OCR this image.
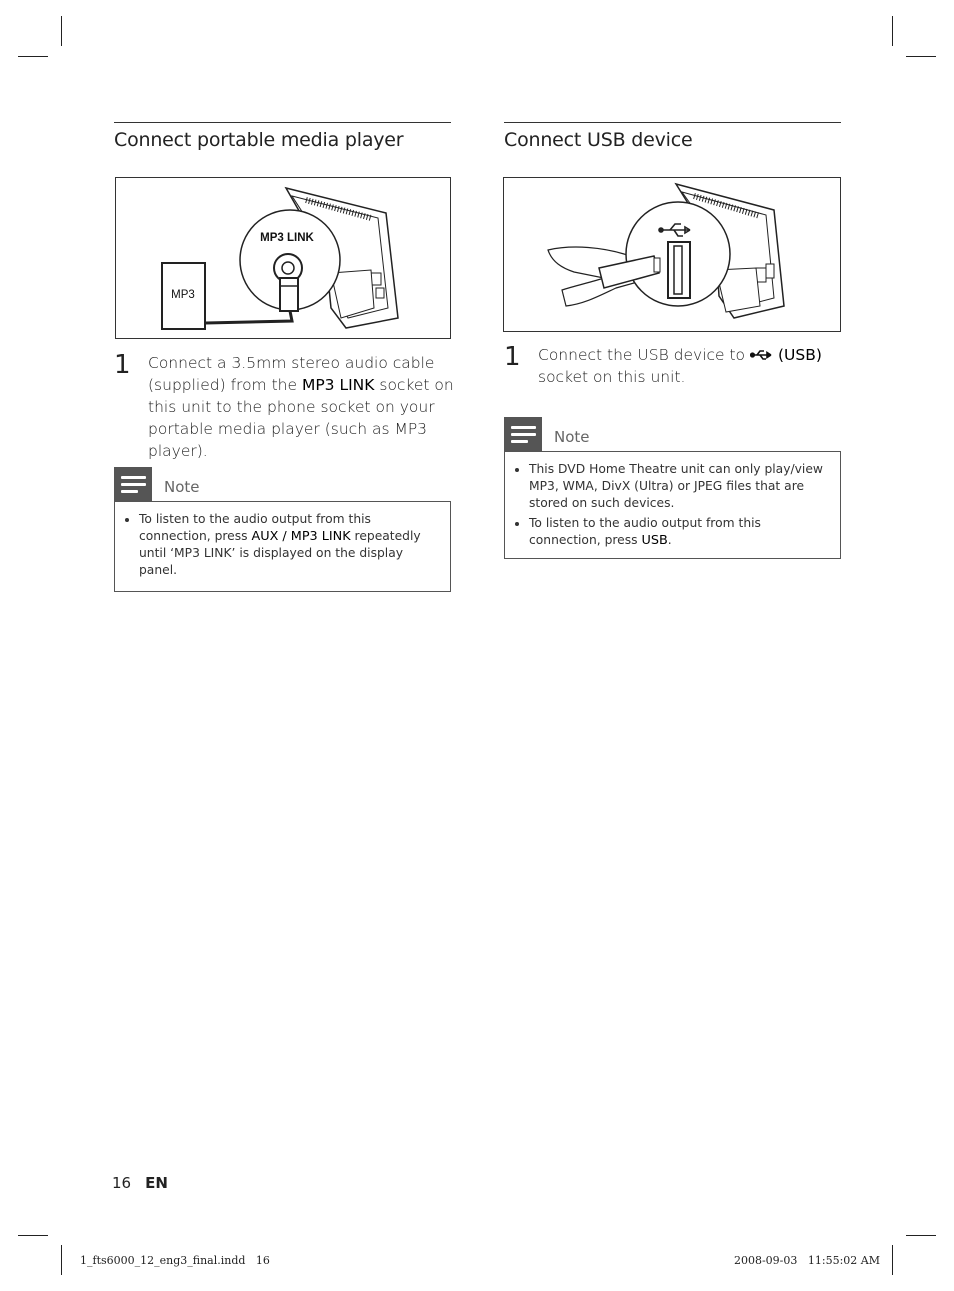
Connect portable media player
MP3 LINK
MP3
1	Connect a 3.5mm stereo audio cable (supplied) from the MP3 LINK socket on this unit to the phone socket on your portable media player (such as MP3 player).
Note
• To listen to the audio output from this connection, press AUX / MP3 LINK repeatedly until ‘MP3 LINK’ is displayed on the display panel.
Connect USB device
1	Connect the USB device to (USB) socket on this unit.
Note
• This DVD Home Theatre unit can only play/view MP3, WMA, DivX (Ultra) or JPEG files that are stored on such devices.
• To listen to the audio output from this connection, press USB.
16 EN
1_fts6000_12_eng3_final.indd   16	2008-09-03   11:55:02 AM
